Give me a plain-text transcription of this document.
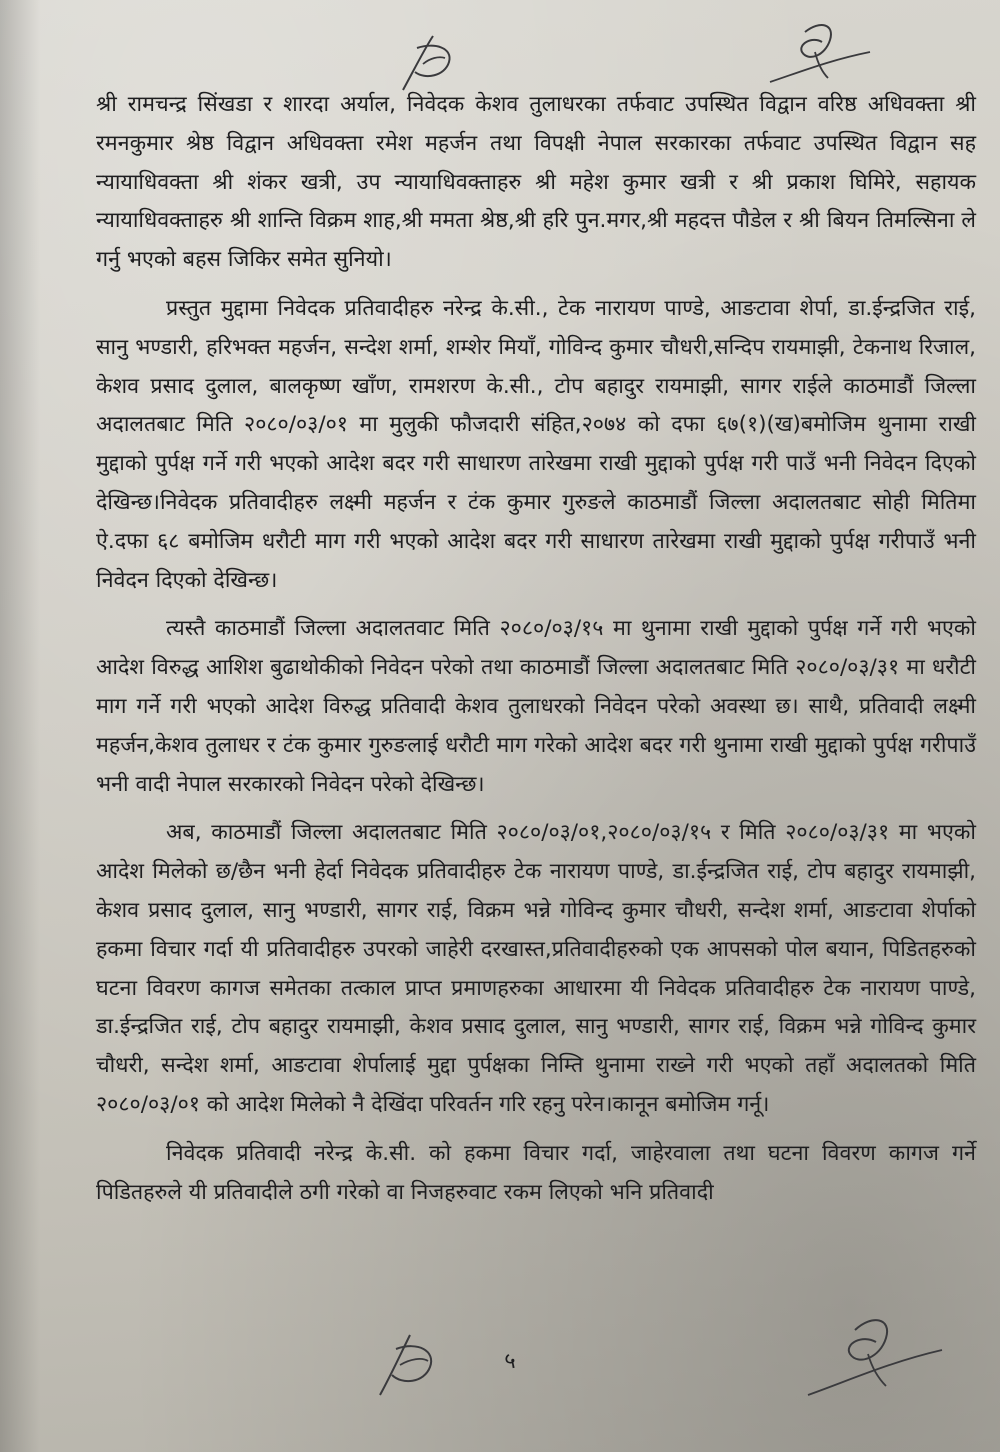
श्री रामचन्द्र सिंखडा र शारदा अर्याल, निवेदक केशव तुलाधरका तर्फवाट उपस्थित विद्वान वरिष्ठ अधिवक्ता श्री रमनकुमार श्रेष्ठ विद्वान अधिवक्ता रमेश महर्जन तथा विपक्षी नेपाल सरकारका तर्फवाट उपस्थित विद्वान सह न्यायाधिवक्ता श्री शंकर खत्री, उप न्यायाधिवक्ताहरु श्री महेश कुमार खत्री र श्री प्रकाश घिमिरे, सहायक न्यायाधिवक्ताहरु श्री शान्ति विक्रम शाह,श्री ममता श्रेष्ठ,श्री हरि पुन.मगर,श्री महदत्त पौडेल र श्री बियन तिमल्सिना ले गर्नु भएको बहस जिकिर समेत सुनियो।

प्रस्तुत मुद्दामा निवेदक प्रतिवादीहरु नरेन्द्र के.सी., टेक नारायण पाण्डे, आङटावा शेर्पा, डा.ईन्द्रजित राई, सानु भण्डारी, हरिभक्त महर्जन, सन्देश शर्मा, शम्शेर मियाँ, गोविन्द कुमार चौधरी,सन्दिप रायमाझी, टेकनाथ रिजाल, केशव प्रसाद दुलाल, बालकृष्ण खाँण, रामशरण के.सी., टोप बहादुर रायमाझी, सागर राईले काठमाडौं जिल्ला अदालतबाट मिति २०८०/०३/०१ मा मुलुकी फौजदारी संहित,२०७४ को दफा ६७(१)(ख)बमोजिम थुनामा राखी मुद्दाको पुर्पक्ष गर्ने गरी भएको आदेश बदर गरी साधारण तारेखमा राखी मुद्दाको पुर्पक्ष गरी पाउँ भनी निवेदन दिएको देखिन्छ।निवेदक प्रतिवादीहरु लक्ष्मी महर्जन र टंक कुमार गुरुङले काठमाडौं जिल्ला अदालतबाट सोही मितिमा ऐ.दफा ६८ बमोजिम धरौटी माग गरी भएको आदेश बदर गरी साधारण तारेखमा राखी मुद्दाको पुर्पक्ष गरीपाउँ भनी निवेदन दिएको देखिन्छ।

त्यस्तै काठमाडौं जिल्ला अदालतवाट मिति २०८०/०३/१५ मा थुनामा राखी मुद्दाको पुर्पक्ष गर्ने गरी भएको आदेश विरुद्ध आशिश बुढाथोकीको निवेदन परेको तथा काठमाडौं जिल्ला अदालतबाट मिति २०८०/०३/३१ मा धरौटी माग गर्ने गरी भएको आदेश विरुद्ध प्रतिवादी केशव तुलाधरको निवेदन परेको अवस्था छ। साथै, प्रतिवादी लक्ष्मी महर्जन,केशव तुलाधर र टंक कुमार गुरुङलाई धरौटी माग गरेको आदेश बदर गरी थुनामा राखी मुद्दाको पुर्पक्ष गरीपाउँ भनी वादी नेपाल सरकारको निवेदन परेको देखिन्छ।

अब, काठमाडौं जिल्ला अदालतबाट मिति २०८०/०३/०१,२०८०/०३/१५ र मिति २०८०/०३/३१ मा भएको आदेश मिलेको छ/छैन भनी हेर्दा निवेदक प्रतिवादीहरु टेक नारायण पाण्डे, डा.ईन्द्रजित राई, टोप बहादुर रायमाझी, केशव प्रसाद दुलाल, सानु भण्डारी, सागर राई, विक्रम भन्ने गोविन्द कुमार चौधरी, सन्देश शर्मा, आङटावा शेर्पाको हकमा विचार गर्दा यी प्रतिवादीहरु उपरको जाहेरी दरखास्त,प्रतिवादीहरुको एक आपसको पोल बयान, पिडितहरुको घटना विवरण कागज समेतका तत्काल प्राप्त प्रमाणहरुका आधारमा यी निवेदक प्रतिवादीहरु टेक नारायण पाण्डे, डा.ईन्द्रजित राई, टोप बहादुर रायमाझी, केशव प्रसाद दुलाल, सानु भण्डारी, सागर राई, विक्रम भन्ने गोविन्द कुमार चौधरी, सन्देश शर्मा, आङटावा शेर्पालाई मुद्दा पुर्पक्षका निम्ति थुनामा राख्ने गरी भएको तहाँ अदालतको मिति २०८०/०३/०१ को आदेश मिलेको नै देखिंदा परिवर्तन गरि रहनु परेन।कानून बमोजिम गर्नू।

निवेदक प्रतिवादी नरेन्द्र के.सी. को हकमा विचार गर्दा, जाहेरवाला तथा घटना विवरण कागज गर्ने पिडितहरुले यी प्रतिवादीले ठगी गरेको वा निजहरुवाट रकम लिएको भनि प्रतिवादी

५
